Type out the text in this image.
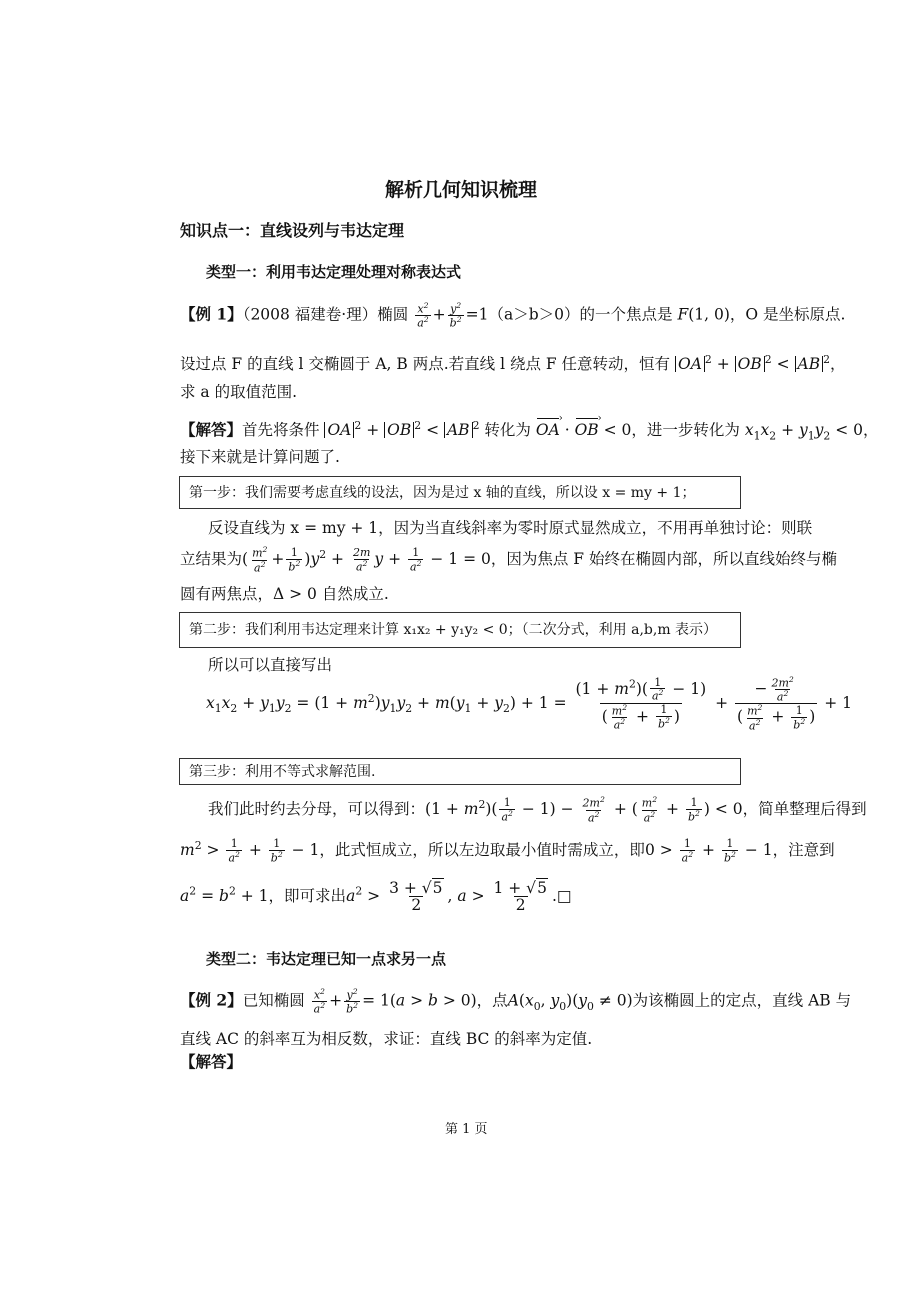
解析几何知识梳理
知识点一：直线设列与韦达定理
类型一：利用韦达定理处理对称表达式
【例 1】（2008 福建卷·理）椭圆 $\frac{x^2}{a^2} + \frac{y^2}{b^2} =1(a>b>0)$的一个焦点是 F(1, 0)，O 是坐标原点.
设过点 F 的直线 l 交椭圆于 A, B 两点.若直线 l 绕点 F 任意转动，恒有 OA $^2$ + OB $^2$ < AB $^2$，
求 a 的取值范围.
【解答】首先将条件 OA $^2$ + OB $^2$ < AB $^2$ 转化为 OA › · OB › < 0，进一步转化为 $x_1x_2 + y_1y_2 < 0$，
接下来就是计算问题了.
第一步：我们需要考虑直线的设法，因为是过 x 轴的直线，所以设 x = my + 1；
反设直线为 x = my + 1，因为当直线斜率为零时原式显然成立，不用再单独讨论：则联
立结果为( $\frac{m^2}{a^2} + \frac{1}{b^2} )y^2 + \frac{2m}{a^2}$ $y + \frac{1}{a^2} - 1 = 0$，因为焦点 F 始终在椭圆内部，所以直线始终与椭
圆有两焦点，Δ > 0 自然成立.
第二步：我们利用韦达定理来计算 x₁x₂ + y₁y₂ < 0；（二次分式，利用 a,b,m 表示）
所以可以直接写出
$x_1x_2 + y_1y_2 = (1 + m^2)y_1y_2 + m(y_1 + y_2) + 1 = \frac{(1 + m^2)( \frac{1}{a^2} - 1)}{( \frac{m^2}{a^2} + \frac{1}{b^2} )} + \frac{- \frac{2m^2}{a^2}}{( \frac{m^2}{a^2} + \frac{1}{b^2} )} + 1$
第三步：利用不等式求解范围.
我们此时约去分母，可以得到：$(1 + m^2)( \frac{1}{a^2} - 1) - \frac{2m^2}{a^2}$ + ( $\frac{m^2}{a^2} + \frac{1}{b^2}$ ) < 0，简单整理后得到
$m^2 > \frac{1}{a^2} + \frac{1}{b^2} - 1$，此式恒成立，所以左边取最小值时需成立，即$0 > \frac{1}{a^2} + \frac{1}{b^2} - 1$，注意到
$a^2 = b^2 + 1$，即可求出$a^2 > \frac{3 + √5}{2}$ , $a > \frac{1 + √5}{2}$ .□
类型二：韦达定理已知一点求另一点
【例 2】已知椭圆 $\frac{x^2}{a^2} + \frac{y^2}{b^2} = 1(a > b > 0)$，点$A(x_0$, $y_0)(y_0 \ne 0)$为该椭圆上的定点，直线 AB 与
直线 AC 的斜率互为相反数，求证：直线 BC 的斜率为定值.
【解答】
第 1 页
